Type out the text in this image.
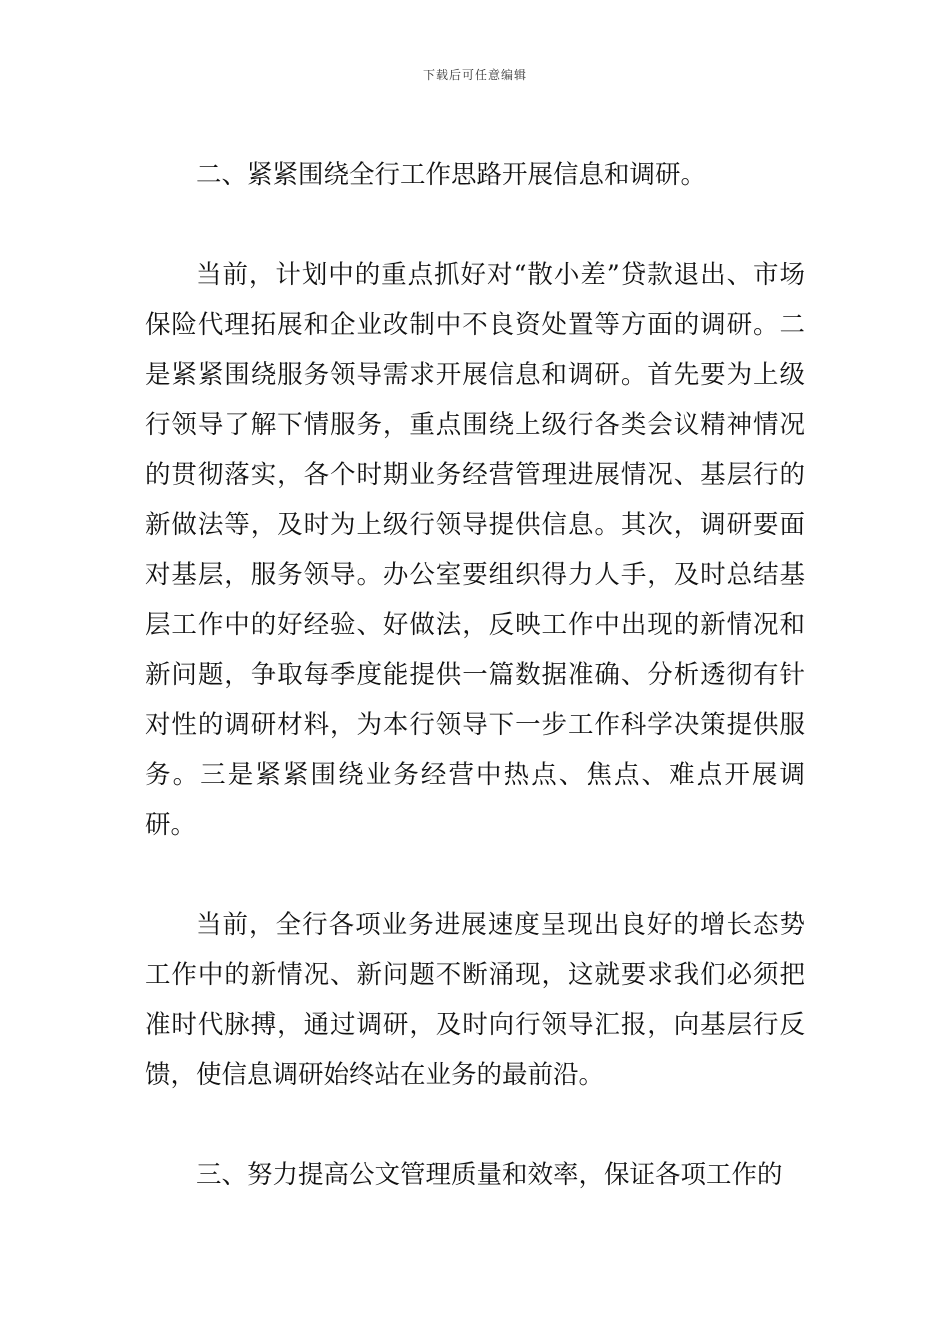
下载后可任意编辑

二、紧紧围绕全行工作思路开展信息和调研。

当前，计划中的重点抓好对“散小差”贷款退出、市场保险代理拓展和企业改制中不良资处置等方面的调研。二是紧紧围绕服务领导需求开展信息和调研。首先要为上级行领导了解下情服务，重点围绕上级行各类会议精神情况的贯彻落实，各个时期业务经营管理进展情况、基层行的新做法等，及时为上级行领导提供信息。其次，调研要面对基层，服务领导。办公室要组织得力人手，及时总结基层工作中的好经验、好做法，反映工作中出现的新情况和新问题，争取每季度能提供一篇数据准确、分析透彻有针对性的调研材料，为本行领导下一步工作科学决策提供服务。三是紧紧围绕业务经营中热点、焦点、难点开展调研。

当前，全行各项业务进展速度呈现出良好的增长态势工作中的新情况、新问题不断涌现，这就要求我们必须把准时代脉搏，通过调研，及时向行领导汇报，向基层行反馈，使信息调研始终站在业务的最前沿。

三、努力提高公文管理质量和效率，保证各项工作的
